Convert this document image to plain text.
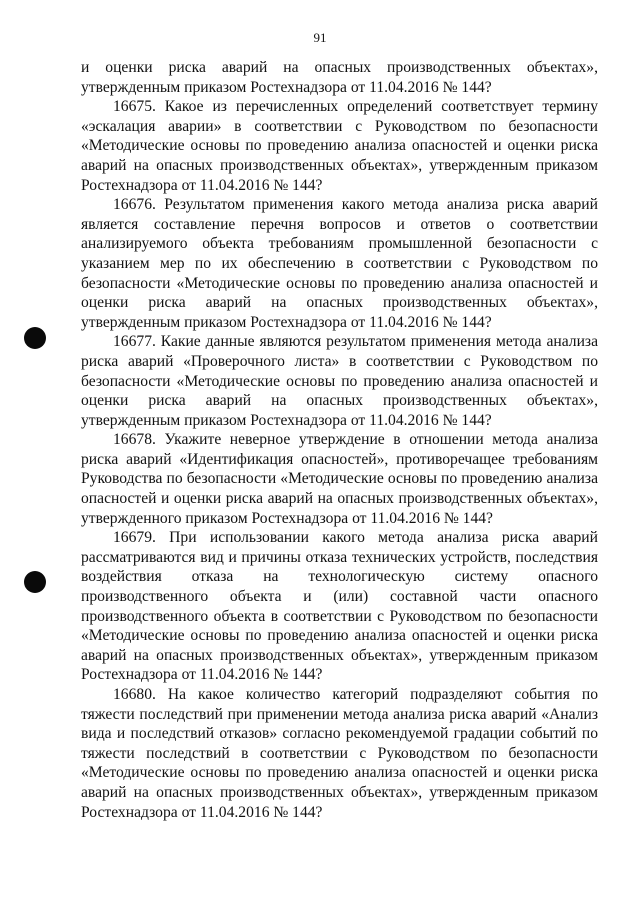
91

и оценки риска аварий на опасных производственных объектах», утвержденным приказом Ростехнадзора от 11.04.2016 № 144?

16675. Какое из перечисленных определений соответствует термину «эскалация аварии» в соответствии с Руководством по безопасности «Методические основы по проведению анализа опасностей и оценки риска аварий на опасных производственных объектах», утвержденным приказом Ростехнадзора от 11.04.2016 № 144?

16676. Результатом применения какого метода анализа риска аварий является составление перечня вопросов и ответов о соответствии анализируемого объекта требованиям промышленной безопасности с указанием мер по их обеспечению в соответствии с Руководством по безопасности «Методические основы по проведению анализа опасностей и оценки риска аварий на опасных производственных объектах», утвержденным приказом Ростехнадзора от 11.04.2016 № 144?

16677. Какие данные являются результатом применения метода анализа риска аварий «Проверочного листа» в соответствии с Руководством по безопасности «Методические основы по проведению анализа опасностей и оценки риска аварий на опасных производственных объектах», утвержденным приказом Ростехнадзора от 11.04.2016 № 144?

16678. Укажите неверное утверждение в отношении метода анализа риска аварий «Идентификация опасностей», противоречащее требованиям Руководства по безопасности «Методические основы по проведению анализа опасностей и оценки риска аварий на опасных производственных объектах», утвержденного приказом Ростехнадзора от 11.04.2016 № 144?

16679. При использовании какого метода анализа риска аварий рассматриваются вид и причины отказа технических устройств, последствия воздействия отказа на технологическую систему опасного производственного объекта и (или) составной части опасного производственного объекта в соответствии с Руководством по безопасности «Методические основы по проведению анализа опасностей и оценки риска аварий на опасных производственных объектах», утвержденным приказом Ростехнадзора от 11.04.2016 № 144?

16680. На какое количество категорий подразделяют события по тяжести последствий при применении метода анализа риска аварий «Анализ вида и последствий отказов» согласно рекомендуемой градации событий по тяжести последствий в соответствии с Руководством по безопасности «Методические основы по проведению анализа опасностей и оценки риска аварий на опасных производственных объектах», утвержденным приказом Ростехнадзора от 11.04.2016 № 144?
